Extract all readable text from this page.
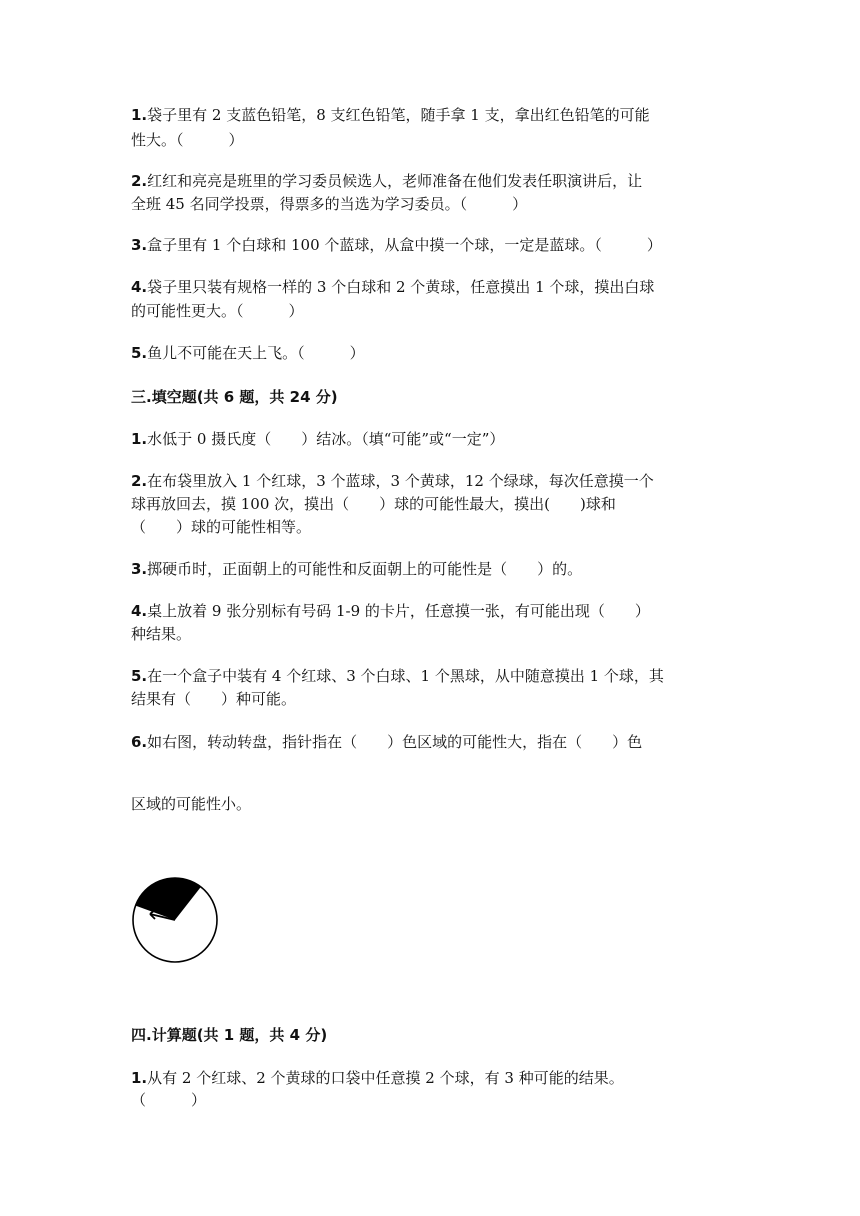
1.袋子里有 2 支蓝色铅笔，8 支红色铅笔，随手拿 1 支，拿出红色铅笔的可能

性大。（　　　）

2.红红和亮亮是班里的学习委员候选人，老师准备在他们发表任职演讲后，让

全班 45 名同学投票，得票多的当选为学习委员。（　　　）

3.盒子里有 1 个白球和 100 个蓝球，从盒中摸一个球，一定是蓝球。（　　　）

4.袋子里只装有规格一样的 3 个白球和 2 个黄球，任意摸出 1 个球，摸出白球

的可能性更大。（　　　）

5.鱼儿不可能在天上飞。（　　　）

三.填空题(共 6 题，共 24 分)

1.水低于 0 摄氏度（　　）结冰。（填“可能”或“一定”）

2.在布袋里放入 1 个红球，3 个蓝球，3 个黄球，12 个绿球，每次任意摸一个

球再放回去，摸 100 次，摸出（　　）球的可能性最大，摸出(　　)球和

（　　）球的可能性相等。

3.掷硬币时，正面朝上的可能性和反面朝上的可能性是（　　）的。

4.桌上放着 9 张分别标有号码 1-9 的卡片，任意摸一张，有可能出现（　　）

种结果。

5.在一个盒子中装有 4 个红球、3 个白球、1 个黑球，从中随意摸出 1 个球，其

结果有（　　）种可能。

6.如右图，转动转盘，指针指在（　　）色区域的可能性大，指在（　　）色

区域的可能性小。

四.计算题(共 1 题，共 4 分)

1.从有 2 个红球、2 个黄球的口袋中任意摸 2 个球，有 3 种可能的结果。

（　　　）
